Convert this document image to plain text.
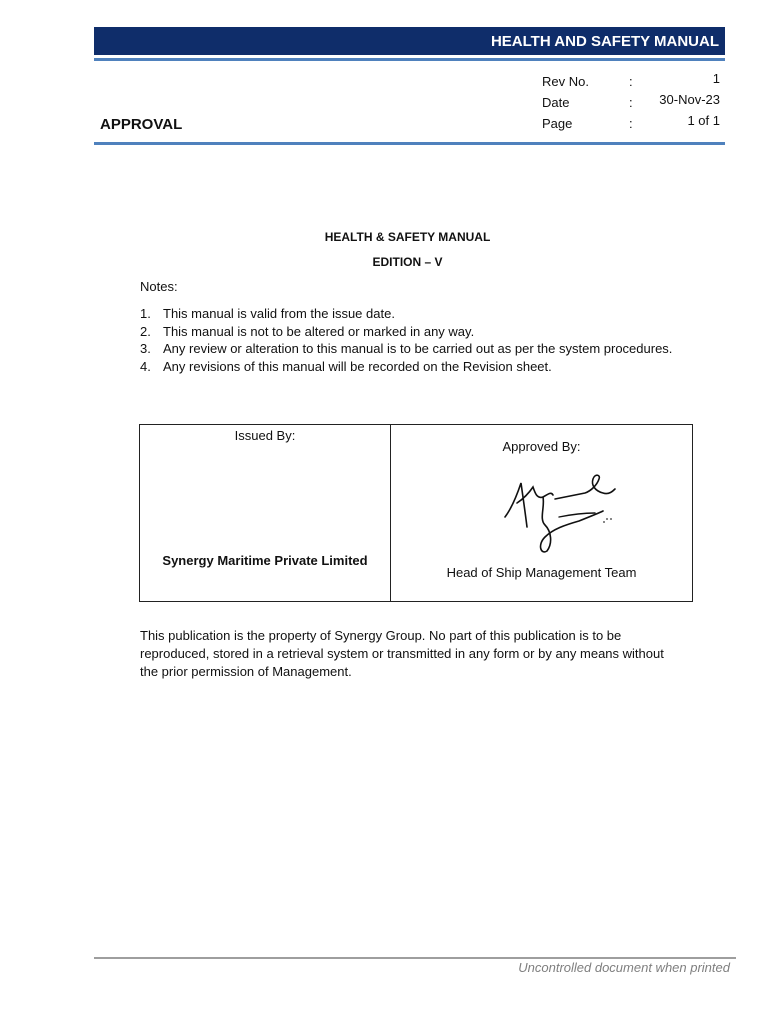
HEALTH AND SAFETY MANUAL
Rev No.	:	1
Date	: 30-Nov-23
Page	:	1 of 1
APPROVAL
HEALTH & SAFETY MANUAL
EDITION – V
Notes:
1. This manual is valid from the issue date.
2. This manual is not to be altered or marked in any way.
3. Any review or alteration to this manual is to be carried out as per the system procedures.
4. Any revisions of this manual will be recorded on the Revision sheet.
Issued By:
Synergy Maritime Private Limited
Approved By:
Head of Ship Management Team
This publication is the property of Synergy Group. No part of this publication is to be reproduced, stored in a retrieval system or transmitted in any form or by any means without the prior permission of Management.
Uncontrolled document when printed
